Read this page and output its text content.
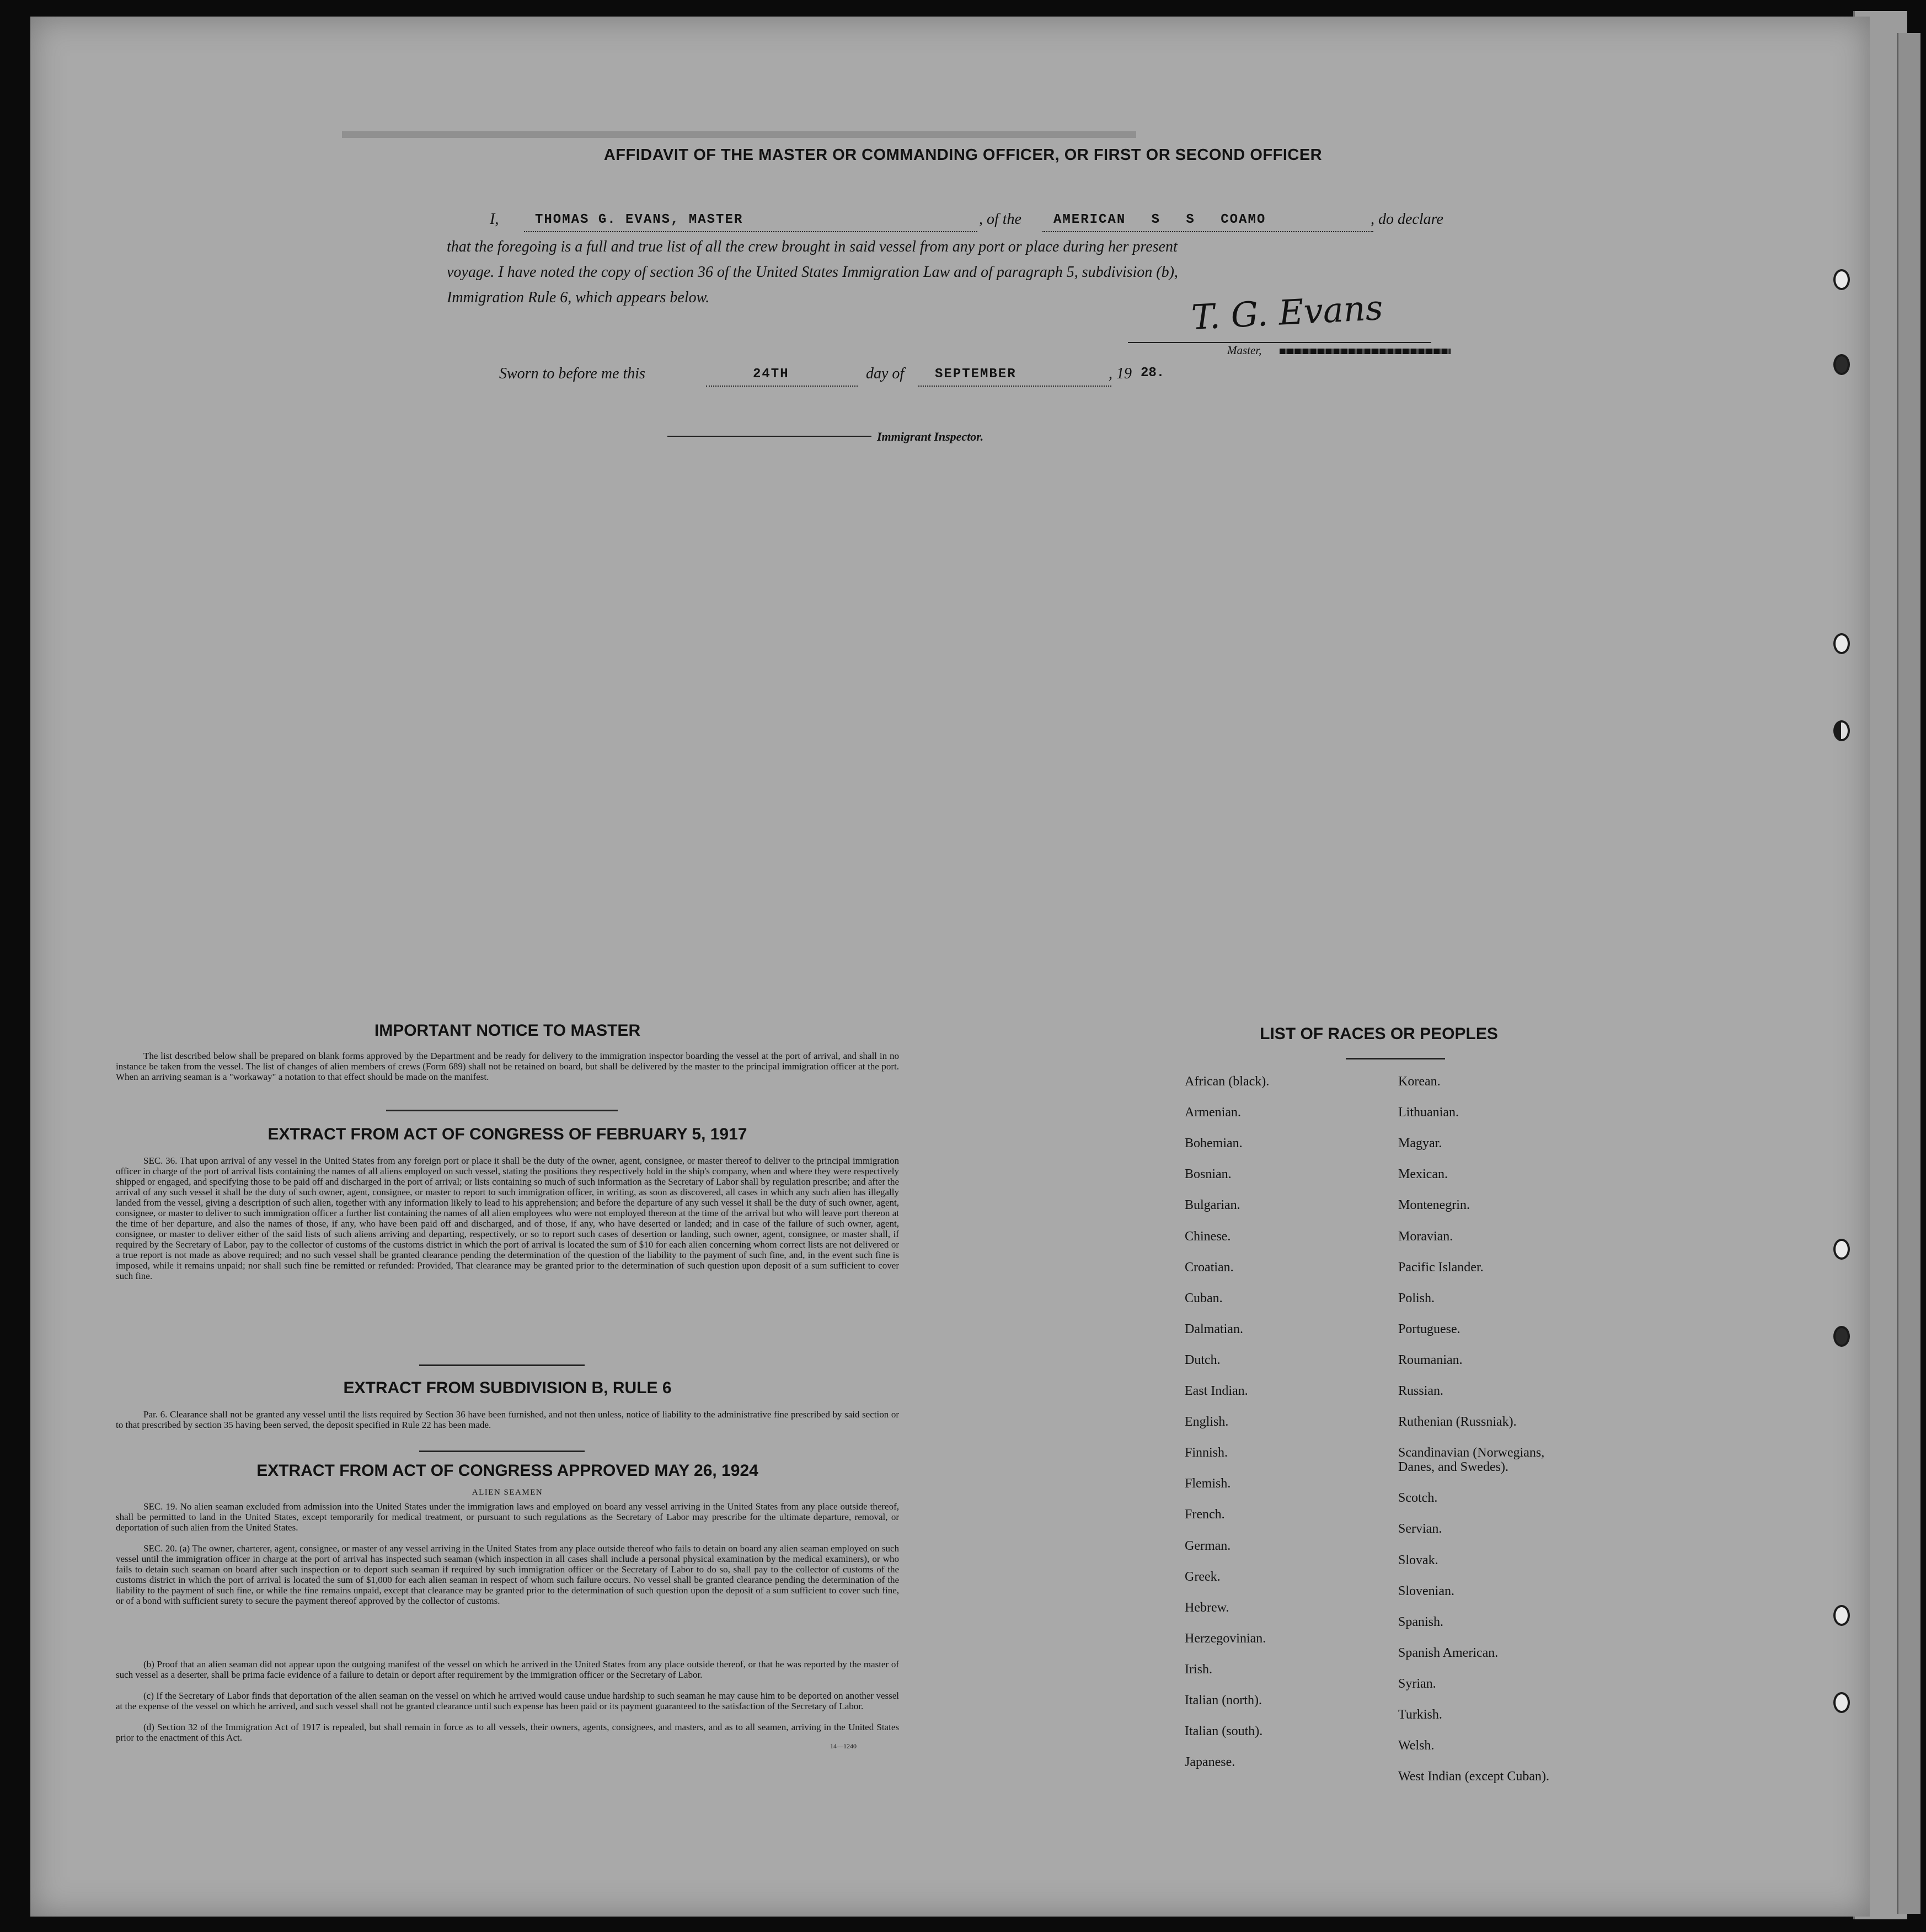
▬▬▬▬▬▬▬▬▬▬▬▬▬▬▬▬▬▬▬▬▬▬▬▬▬▬▬▬▬▬▬▬▬▬▬▬
AFFIDAVIT OF THE MASTER OR COMMANDING OFFICER, OR FIRST OR SECOND OFFICER
I,	THOMAS G. EVANS, MASTER	, of the	AMERICAN S S COAMO	, do declare
that the foregoing is a full and true list of all the crew brought in said vessel from any port or place during her present
voyage. I have noted the copy of section 36 of the United States Immigration Law and of paragraph 5, subdivision (b),
Immigration Rule 6, which appears below.	T. G. Evans
Master,
Sworn to before me this	24TH	day of	SEPTEMBER	, 19 28.
Immigrant Inspector.
IMPORTANT NOTICE TO MASTER
The list described below shall be prepared on blank forms approved by the Department and be ready for delivery to the immigration inspector boarding the vessel at the port of arrival, and shall in no instance be taken from the vessel. The list of changes of alien members of crews (Form 689) shall not be retained on board, but shall be delivered by the master to the principal immigration officer at the port. When an arriving seaman is a "workaway" a notation to that effect should be made on the manifest.
EXTRACT FROM ACT OF CONGRESS OF FEBRUARY 5, 1917
SEC. 36. That upon arrival of any vessel in the United States from any foreign port or place it shall be the duty of the owner, agent, consignee, or master thereof to deliver to the principal immigration officer in charge of the port of arrival lists containing the names of all aliens employed on such vessel, stating the positions they respectively hold in the ship's company, when and where they were respectively shipped or engaged, and specifying those to be paid off and discharged in the port of arrival; or lists containing so much of such information as the Secretary of Labor shall by regulation prescribe; and after the arrival of any such vessel it shall be the duty of such owner, agent, consignee, or master to report to such immigration officer, in writing, as soon as discovered, all cases in which any such alien has illegally landed from the vessel, giving a description of such alien, together with any information likely to lead to his apprehension; and before the departure of any such vessel it shall be the duty of such owner, agent, consignee, or master to deliver to such immigration officer a further list containing the names of all alien employees who were not employed thereon at the time of the arrival but who will leave port thereon at the time of her departure, and also the names of those, if any, who have been paid off and discharged, and of those, if any, who have deserted or landed; and in case of the failure of such owner, agent, consignee, or master to deliver either of the said lists of such aliens arriving and departing, respectively, or so to report such cases of desertion or landing, such owner, agent, consignee, or master shall, if required by the Secretary of Labor, pay to the collector of customs of the customs district in which the port of arrival is located the sum of $10 for each alien concerning whom correct lists are not delivered or a true report is not made as above required; and no such vessel shall be granted clearance pending the determination of the question of the liability to the payment of such fine, and, in the event such fine is imposed, while it remains unpaid; nor shall such fine be remitted or refunded: Provided, That clearance may be granted prior to the determination of such question upon deposit of a sum sufficient to cover such fine.
EXTRACT FROM SUBDIVISION B, RULE 6
Par. 6. Clearance shall not be granted any vessel until the lists required by Section 36 have been furnished, and not then unless, notice of liability to the administrative fine prescribed by said section or to that prescribed by section 35 having been served, the deposit specified in Rule 22 has been made.
EXTRACT FROM ACT OF CONGRESS APPROVED MAY 26, 1924
ALIEN SEAMEN
SEC. 19. No alien seaman excluded from admission into the United States under the immigration laws and employed on board any vessel arriving in the United States from any place outside thereof, shall be permitted to land in the United States, except temporarily for medical treatment, or pursuant to such regulations as the Secretary of Labor may prescribe for the ultimate departure, removal, or deportation of such alien from the United States.
SEC. 20. (a) The owner, charterer, agent, consignee, or master of any vessel arriving in the United States from any place outside thereof who fails to detain on board any alien seaman employed on such vessel until the immigration officer in charge at the port of arrival has inspected such seaman (which inspection in all cases shall include a personal physical examination by the medical examiners), or who fails to detain such seaman on board after such inspection or to deport such seaman if required by such immigration officer or the Secretary of Labor to do so, shall pay to the collector of customs of the customs district in which the port of arrival is located the sum of $1,000 for each alien seaman in respect of whom such failure occurs. No vessel shall be granted clearance pending the determination of the liability to the payment of such fine, or while the fine remains unpaid, except that clearance may be granted prior to the determination of such question upon the deposit of a sum sufficient to cover such fine, or of a bond with sufficient surety to secure the payment thereof approved by the collector of customs.
(b) Proof that an alien seaman did not appear upon the outgoing manifest of the vessel on which he arrived in the United States from any place outside thereof, or that he was reported by the master of such vessel as a deserter, shall be prima facie evidence of a failure to detain or deport after requirement by the immigration officer or the Secretary of Labor.
(c) If the Secretary of Labor finds that deportation of the alien seaman on the vessel on which he arrived would cause undue hardship to such seaman he may cause him to be deported on another vessel at the expense of the vessel on which he arrived, and such vessel shall not be granted clearance until such expense has been paid or its payment guaranteed to the satisfaction of the Secretary of Labor.
(d) Section 32 of the Immigration Act of 1917 is repealed, but shall remain in force as to all vessels, their owners, agents, consignees, and masters, and as to all seamen, arriving in the United States prior to the enactment of this Act.
14—1240
LIST OF RACES OR PEOPLES
African (black).
Armenian.
Bohemian.
Bosnian.
Bulgarian.
Chinese.
Croatian.
Cuban.
Dalmatian.
Dutch.
East Indian.
English.
Finnish.
Flemish.
French.
German.
Greek.
Hebrew.
Herzegovinian.
Irish.
Italian (north).
Italian (south).
Japanese.
Korean.
Lithuanian.
Magyar.
Mexican.
Montenegrin.
Moravian.
Pacific Islander.
Polish.
Portuguese.
Roumanian.
Russian.
Ruthenian (Russniak).
Scandinavian (Norwegians,
Danes, and Swedes).
Scotch.
Servian.
Slovak.
Slovenian.
Spanish.
Spanish American.
Syrian.
Turkish.
Welsh.
West Indian (except Cuban).
